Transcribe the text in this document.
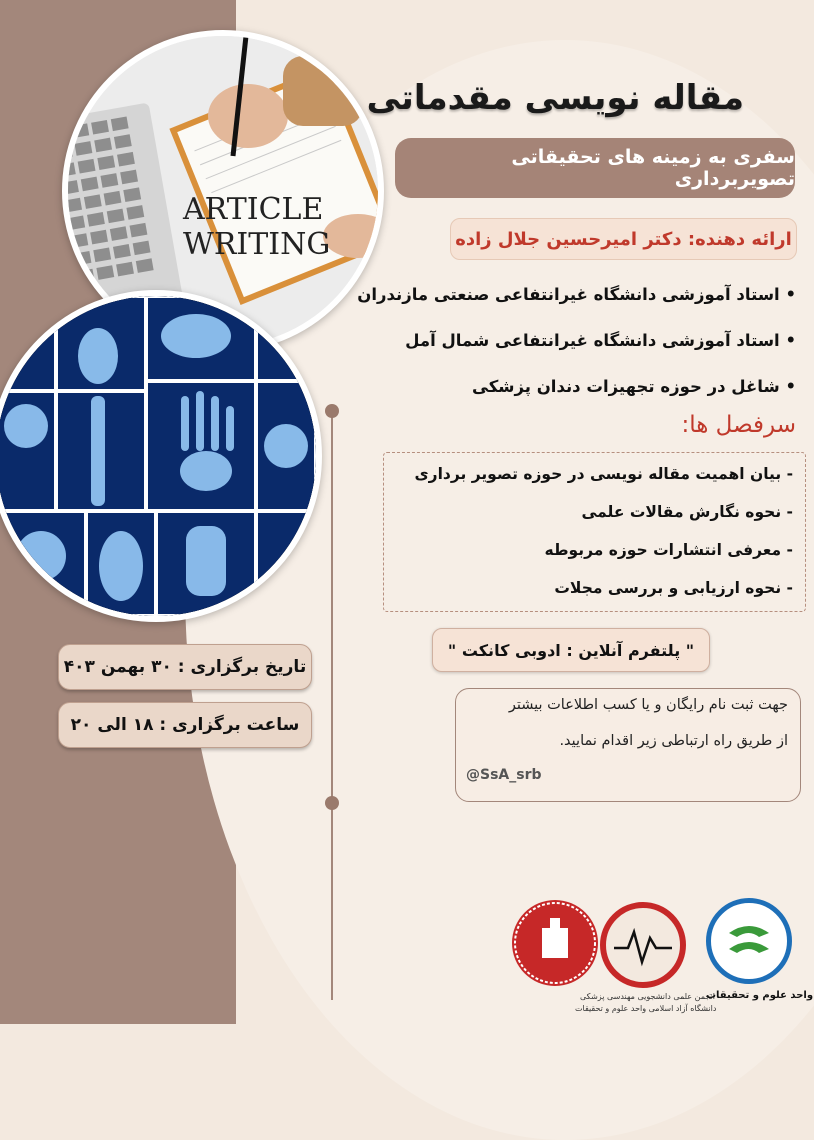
ARTICLE
WRITING
مقاله نویسی مقدماتی
سفری به زمینه های تحقیقاتی تصویربرداری
ارائه دهنده: دکتر امیرحسین جلال زاده
• استاد آموزشی دانشگاه غیرانتفاعی صنعتی مازندران
• استاد آموزشی دانشگاه غیرانتفاعی شمال آمل
• شاغل در حوزه تجهیزات دندان پزشکی
سرفصل ها:
- بیان اهمیت مقاله نویسی در حوزه تصویر برداری
- نحوه نگارش مقالات علمی
- معرفی انتشارات حوزه مربوطه
- نحوه ارزیابی و بررسی مجلات
" پلتفرم آنلاین : ادوبی کانکت "
جهت ثبت نام رایگان و یا کسب اطلاعات بیشتر
از طریق راه ارتباطی زیر اقدام نمایید.
@SsA_srb
تاریخ برگزاری : ۳۰ بهمن ۴۰۳
ساعت برگزاری : ۱۸ الی ۲۰
انجمن علمی دانشجویی مهندسی پزشکی
دانشگاه آزاد اسلامی واحد علوم و تحقیقات
واحد علوم و تحقیقات
